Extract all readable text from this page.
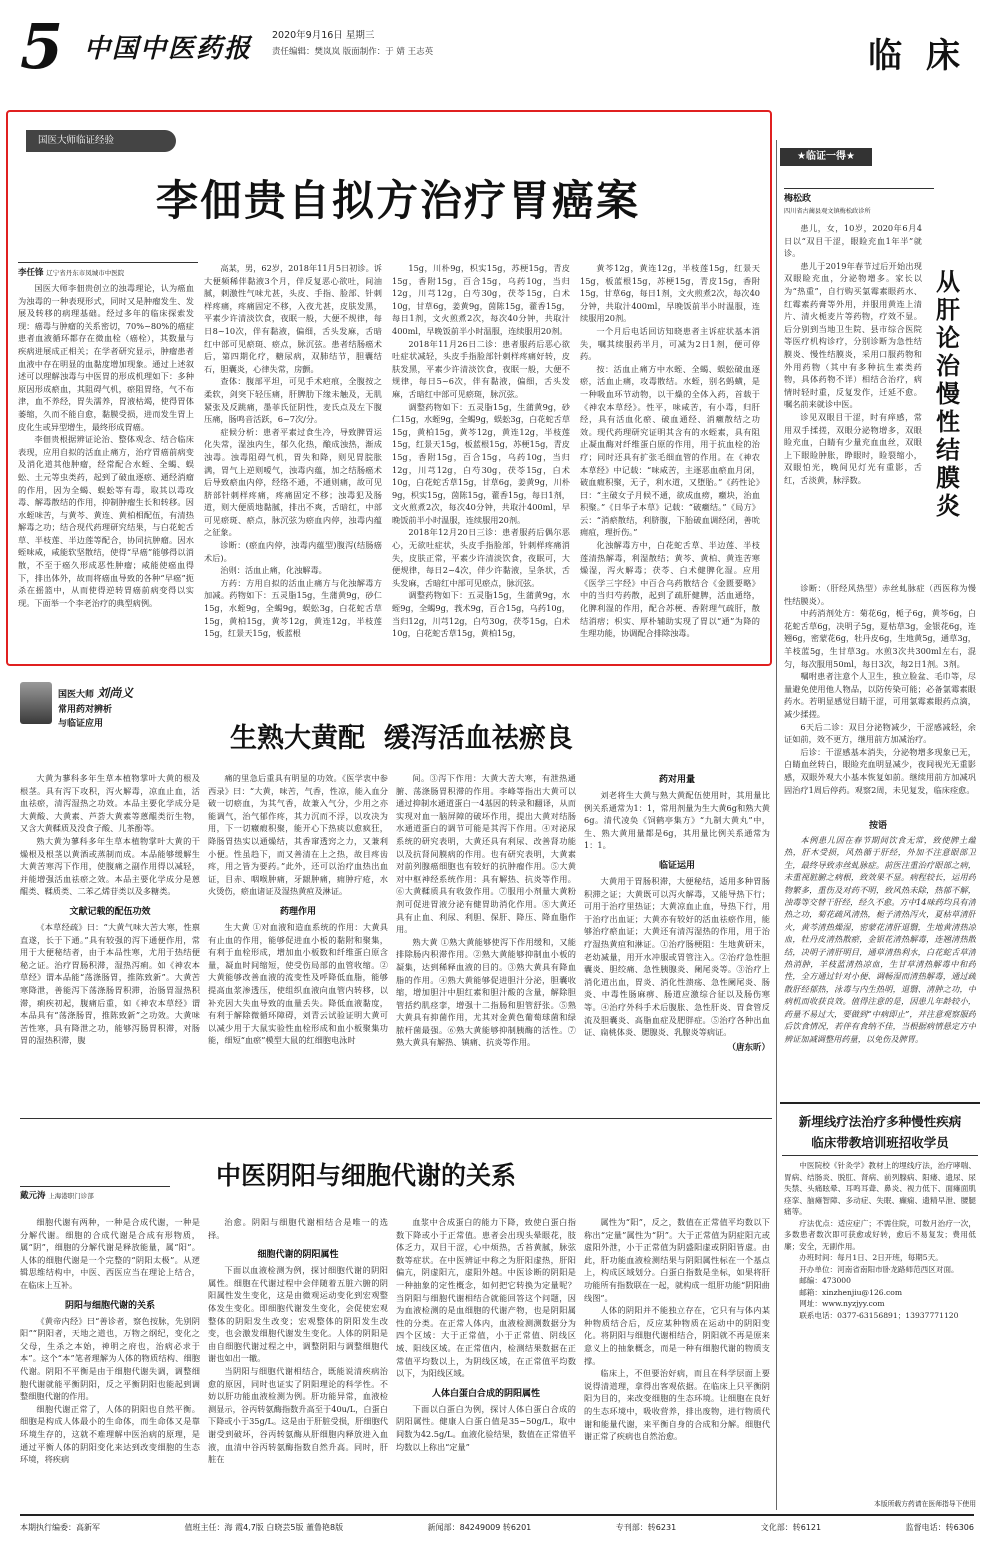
5 中国中医药报	2020年9月16日 星期三
责任编辑：樊岚岚 版面制作：于 婧 王志英	临 床
国医大师临证经验
李佃贵自拟方治疗胃癌案
李任锋 辽宁省丹东市凤城市中医院

国医大师李佃贵创立的浊毒理论，认为癌血为浊毒的一种表现形式，同时又是肿瘤发生、发展及转移的病理基础。经过多年的临床探索发现：癌毒与肿瘤的关系密切，70%~80%的癌症患者血液循环都存在微血栓（癌栓），其数量与疾病进展成正相关；在学者研究显示，肿瘤患者血液中存在明显的血黏度增加现象。通过上述叙述可以理解浊毒与中医胃的形成机理如下：多种原因形成瘀血，其阻碍气机，瘀阻胃络，气不布津，血不养经，胃失濡养，胃液枯竭，使得胃体萎缩，久而不能自愈，黏膜受损，进而发生胃上皮化生或异型增生，最终形成胃癌。

李佃贵根据辨证论治、整体观念、结合临床表现，应用自拟的活血止痛方，治疗胃癌前病变及消化道其他肿瘤，经常配合水蛭、全蝎、蜈蚣、土元等虫类药，起到了破血逐瘀、通经消瘤的作用，因为全蝎、蜈蚣等有毒，取其以毒攻毒、解毒散结的作用，抑制肿瘤生长和转移。因水蛭味苦，与黄芩、黄连、黄柏相配伍，有清热解毒之功；结合现代药理研究结果，与白花蛇舌草、半枝莲、半边莲等配合，协同抗肿瘤。因水蛭味咸，咸能软坚散结，使得“早癌”能够得以消散，不至于癌久形成恶性肿瘤；咸能使癌血得下，排出体外，故而将癌血导致的各种“早癌”扼杀在摇篮中，从而使得逆转胃癌前病变得以实现。下面举一个李老治疗的典型病例。

高某，男，62岁，2018年11月5日初诊。诉大便频稀伴黏液3个月，伴反复恶心欲吐，间油腻，刺激性气味尤甚，头皮、手指、脸部、针刺样疼痛，疼痛固定不移，入夜尤甚，皮肤发黑，平素少许清淡饮食，夜眠一般，大便不规律，每日8~10次，伴有黏液，偏细，舌头发麻，舌暗红中部可见瘀斑、瘀点，脉沉弦。患者结肠癌术后，第四期化疗，糖尿病，双肺结节，胆囊结石，胆囊炎，心律失常，房颤。

查体：腹部平坦，可见手术疤痕，全腹按之柔软，剑突下轻压痛，肝脾肋下缘未触及，无肌紧张及反跳痛，墨菲氏征阴性，麦氏点及左下腹压痛，肠鸣音活跃，6~7次/分。

症候分析：患者平素过食生冷，导致脾胃运化失常，湿浊内生，郁久化热，酿成浊热，渐成浊毒。浊毒阻碍气机，胃失和降，则见胃脘胀满，胃气上逆则嗳气，浊毒内蕴，加之结肠癌术后导致瘀血内停，经络不通，不通则痛，故可见脐部针刺样疼痛，疼痛固定不移；浊毒犯及肠道，则大便质地黏腻，排出不爽，舌暗红，中部可见瘀斑、瘀点，脉沉弦为瘀血内停，浊毒内蕴之征象。

诊断：(瘀血内停，浊毒内蕴型)腹泻(结肠癌术后)。

治则：活血止痛，化浊解毒。

方药：方用自拟的活血止痛方与化浊解毒方加减。药物如下：五灵脂15g，生蒲黄9g，砂仁15g，水蛭9g，全蝎9g，蜈蚣3g，白花蛇舌草15g，黄柏15g，黄芩12g，黄连12g，半枝莲15g，红景天15g，板蓝根

15g，川朴9g，枳实15g，苏梗15g，青皮15g，香附15g，百合15g，乌药10g，当归12g，川芎12g，白芍30g，茯苓15g，白术10g，甘草6g，姜黄9g，茵陈15g，藿香15g，每日1剂，文火煎煮2次，每次40分钟，共取汁400ml，早晚饭前半小时温服，连续服用20剂。

2018年11月26日二诊：患者服药后恶心欲吐症状减轻，头皮手指脸部针刺样疼痛好转，皮肤发黑，平素少许清淡饮食，夜眠一般，大便不规律，每日5~6次，伴有黏液，偏细，舌头发麻，舌暗红中部可见瘀斑，脉沉弦。

调整药物如下：五灵脂15g，生蒲黄9g，砂仁15g，水蛭9g，全蝎9g，蜈蚣3g，白花蛇舌草15g，黄柏15g，黄芩12g，黄连12g，半枝莲15g，红景天15g，板蓝根15g，苏梗15g，青皮15g，香附15g，百合15g，乌药10g，当归12g，川芎12g，白芍30g，茯苓15g，白术10g，白花蛇舌草15g，甘草6g，姜黄9g，川朴9g，枳实15g，茵陈15g，藿香15g，每日1剂，文火煎煮2次，每次40分钟，共取汁400ml，早晚饭前半小时温服，连续服用20剂。

2018年12月20日三诊：患者服药后偶尔恶心，无欲吐症状，头皮手指脸部，针刺样疼痛消失，皮肤正常，平素少许清淡饮食，夜眠可，大便规律，每日2~4次，伴少许黏液，呈条状，舌头发麻，舌暗红中部可见瘀点，脉沉弦。

调整药物如下：五灵脂15g，生蒲黄9g，水蛭9g，全蝎9g，莪术9g，百合15g，乌药10g，当归12g，川芎12g，白芍30g，茯苓15g，白术10g，白花蛇舌草15g，黄柏15g，

黄芩12g，黄连12g，半枝莲15g，红景天15g，板蓝根15g，苏梗15g，青皮15g，香附15g，甘草6g，每日1剂，文火煎煮2次，每次40分钟，共取汁400ml，早晚饭前半小时温服，连续服用20剂。

一个月后电话回访知晓患者主诉症状基本消失，嘱其续服药半月，可减为2日1剂，便可停药。

按：活血止痛方中水蛭、全蝎、蜈蚣破血逐瘀，活血止痛，攻毒散结。水蛭，别名蚂蟥，是一种吸血环节动物，以干燥的全体入药，首载于《神农本草经》。性平，味咸苦，有小毒，归肝经，具有活血化瘀、破血通经、消癥散结之功效。现代药理研究证明其含有的水蛭素，具有阻止凝血酶对纤维蛋白原的作用，用于抗血栓的治疗；同时还具有扩张毛细血管的作用。在《神农本草经》中记载：“味咸苦，主逐恶血瘀血月闭，破血瘕积聚，无子，利水道，又堕胎。”《药性论》曰：“主破女子月候不通，欲成血痨，癥块，治血积聚。”《日华子本草》记载：“破癥结。”《局方》云：“消瘀散结，利脐腹，下胎破血调经闭，善吮痈疽，理折伤。”

化浊解毒方中，白花蛇舌草、半边莲、半枝莲清热解毒，利湿散结；黄芩、黄柏、黄连苦寒燥湿，泻火解毒；茯苓、白术健脾化湿。应用《医学三字经》中百合乌药散结合《金匮要略》中的当归芍药散，起到了疏肝健脾，活血通络，化脾利湿的作用，配合苏梗、香附理气疏肝，散结消痞；枳实、厚朴辅助实现了胃以“通”为降的生理功能，协调配合排除浊毒。

★临证一得★
梅松政
四川省古蔺县观文镇梅松政诊所
从肝论治慢性结膜炎

患儿，女，10岁，2020年6月4日以“双目干涩，眼睑充血1年半”就诊。

患儿于2019年春节过后开始出现双眼睑充血，分泌物增多。家长以为“热重”，自行购买氯霉素眼药水、红霉素药膏等外用，并服用黄连上清片、清火栀麦片等药物，疗效不显。后分别到当地卫生院、县市综合医院等医疗机构诊疗，分别诊断为急性结膜炎、慢性结膜炎，采用口服药物和外用药物（其中有多种抗生素类药物，具体药物不详）相结合治疗，病情时轻时重，反复发作，迁延不愈。嘱名前来就诊中医。

诊见双眼目干涩，时有痒感，常用双手揉搓，双眼分泌物增多，双眼睑充血，白睛有少量充血血丝，双眼上下眼睑肿胀，睁眼时，睑裂缩小，双眼怕光，晚间见灯光有重影，舌红，舌淡黄，脉浮数。

诊断：（肝经风热型）赤丝虬脉症（西医称为慢性结膜炎）。

中药消剂处方：菊花6g，栀子6g，黄芩6g，白花蛇舌草6g，决明子5g，夏枯草3g，金银花6g，连翘6g，密蒙花6g，牡丹皮6g，生地黄5g，通草3g，羊枝蓝5g，生甘草3g。水煎3次共300ml左右，混匀，每次服用50ml，每日3次，每2日1剂。3剂。

嘱咐患者注意个人卫生，独立脸盆、毛巾等，尽量避免使用他人物品，以防传染可能；必备氯霉素眼药水。若明显感觉目睛干涩，可用氯霉素眼药点滴，减少揉搓。

6天后二诊：双目分泌物减少，干涩感减轻，余证如前，效不更方，继用前方加减治疗。

后诊：干涩感基本消失，分泌物增多现象已无，白睛血丝转白，眼睑充血明显减少，夜间视光无重影感，双眼外观大小基本恢复如前。继续用前方加减巩固治疗1周后停药。观察2周，未见复发，临床痊愈。

按语

本例患儿因在春节期间饮食无常，致使脾土蕴热，肝木受损，风热循于肝经，外加不注意眼部卫生，最终导致赤丝虬脉症。前医注重治疗眼部之病，未重视脏腑之病根，致效果不显。病程较长，运用药物繁多，重伤及对药不明，致风热未除，热郁不解，浊毒等交替干肝经，经久不愈。方中14味药均具有清热之功，菊花疏风清热，栀子清热泻火，夏枯草清肝火，黄芩清热燥湿，密蒙花清肝退翳，生地黄清热凉血，牡丹皮清热散瘀，金银花清热解毒，连翘清热散结，决明子清肝明目，通草清热利水，白花蛇舌草清热消肿，羊枝蓝清热凉血，生甘草清热解毒中和药性，全方通过针对小便、调畅湿而清热解毒，通过疏散肝经郁热，泳毒与内生热明，退翳、清肿之功，中病机而收获良效。值得注意的是，因患儿年龄较小，药量不易过大，要做到“中病即止”，并注意观察服药后饮食情况，若伴有食纳不佳，当根据病情悬定方中辨证加减调整用药量，以免伤及脾胃。

新埋线疗法治疗多种慢性疾病
临床带教培训班招收学员

中医院校《针灸学》教材上的埋线疗法，治疗哮喘、胃病、结肠炎、脱肛、肾病、前列腺病、阳痿、遗尿、尿失禁、头痛眩晕、耳鸣耳聋、鼻炎、视力低下、面瘫面肌痉挛、脑瘫智障、多动症、失眠、癫痫、遗精早泄、腰腿痛等。

疗法优点：适应症广；不需住院，可数月治疗一次，多数患者数次即可获愈或好转，愈后不易复发；费用低廉；安全，无副作用。

办班时间：每月1日、2日开班，每期5天。

开办单位：河南省南阳市卧龙路师范西区对面。

邮编：473000

邮箱：xinzhenjiu@126.com

网址：www.nyzjyy.com

联系电话：0377-63156891；13937771120

本版所载方药请在医师指导下使用
国医大师 刘尚义
常用药对辨析
与临证应用	生熟大黄配  缓泻活血祛瘀良

大黄为蓼科多年生草本植物掌叶大黄的根及根茎。具有泻下攻积，泻火解毒，凉血止血，活血祛瘀，清泻湿热之功效。本品主要化学成分是大黄酸、大黄素、芦荟大黄素等蒽醌类衍生物，又含大黄鞣质及没食子酸、儿茶酚等。

熟大黄为蓼科多年生草本植物掌叶大黄的干燥根及根茎以黄酒或蒸制而成。本品能够缓解生大黄苦寒泻下作用，使腹痛之副作用得以减轻，并能增强活血祛瘀之效。本品主要化学成分是蒽醌类、鞣质类、二苯乙烯苷类以及多糖类。

文献记载的配伍功效

《本草经疏》曰：“大黄气味大苦大寒，性禀直遂，长于下通。”具有较强的泻下通便作用，常用于大便秘结者，由于本品性寒，尤用于热结便秘之证。治疗胃肠积滞，湿热泻痢。如《神农本草经》谓本品能“荡涤肠胃，推陈致新”。大黄苦寒降泄，善能泻下荡涤肠胃积滞，治肠胃湿热积滞，痢疾初起，腹痛后重，如《神农本草经》谓本品具有“荡涤肠胃，推陈致新”之功效。大黄味苦性寒，具有降泄之功，能够泻肠胃积滞，对肠胃的湿热积滞，腹

痛的里急后重具有明显的功效。《医学衷中参西录》曰：“大黄，味苦，气香，性凉，能入血分破一切瘀血，为其气香，故兼入气分，少用之亦能调气，治气郁作疼，其力沉而不浮，以攻决为用，下一切癥瘕积聚，能开心下热痰以愈疯狂，降肠胃热实以通燥结，其香窜透窍之力，又兼利小便。性虽趋下，而又善清在上之热，故目疼齿疼，用之皆为要药。”此外，还可以治疗血热出血证，目赤、咽喉肿痛，牙龈肿痛，痈肿疔疮，水火烫伤，瘀血诸证及湿热黄疸及淋证。

药理作用

生大黄 ①对血液和造血系统的作用：大黄具有止血的作用，能够促进血小板的黏附和聚集，有利于血栓形成，增加血小板数和纤维蛋白原含量，凝血时间缩短，使受伤局部的血管收缩。②大黄能够改善血液的流变性及呼降低血脂，能够提高血浆渗透压，使组织血液向血管内转移，以补充因大失血导致的血量丢失。降低血液黏度，有利于解除微循环障碍，刘青云试验证明大黄可以减少用于大鼠实验性血栓形成和血小板聚集功能，细短“血瘀”模型大鼠的红细胞电泳时

间。③泻下作用：大黄大苦大寒，有泄热通腑、荡涤肠胃积滞的作用。李峰等指出大黄可以通过抑制水通道蛋白一4基因的转录和翻译，从而实现对血一脑屏障的破坏作用，提出大黄对结肠水通道蛋白的调节可能是其泻下作用。④对泌尿系统的研究表明，大黄还具有利尿、改善肾功能以及抗肾间膜病的作用。也有研究表明，大黄素对前列腺癌细胞也有较好的抗肿瘤作用。⑤大黄对中枢神经系统作用：具有解热、抗炎等作用。⑥大黄鞣质具有收敛作用。⑦服用小剂量大黄粉剂可促进胃液分泌有健胃助消化作用。⑧大黄还具有止血、利尿、利胆、保肝、降压、降血脂作用。

熟大黄 ①熟大黄能够使泻下作用缓和，又能排除肠内积滞作用。②熟大黄能够抑制血小板的凝集，达到稀释血液的目的。③熟大黄具有降血脂的作用。④熟大黄能够促进胆汁分泌，胆囊收缩，增加胆汁中胆红素和胆汁酸的含量，解除胆管括约肌痉挛，增强十二指肠和胆管舒张。⑤熟大黄具有抑菌作用，尤其对金黄色葡萄球菌和绿脓杆菌最强。⑥熟大黄能够抑制胰酶的活性。⑦熟大黄具有解热、镇痛、抗炎等作用。

药对用量

刘老将生大黄与熟大黄配伍使用时，其用量比例关系通常为1：1，常用剂量为生大黄6g和熟大黄6g。清代凌奂《饲鹤亭集方》“九制大黄丸”中，生、熟大黄用量都是6g，其用量比例关系通常为1：1。

临证运用

大黄用于胃肠积滞，大便秘结，适用多种胃肠积滞之证；大黄既可以泻火解毒，又能导热下行；可用于治疗里热证；大黄凉血止血，导热下行，用于治疗出血证；大黄亦有较好的活血祛瘀作用，能够治疗瘀血证；大黄还有清泻湿热的作用，用于治疗湿热黄疸和淋证。①治疗肠梗阻：生地黄研末，老幼减量，用开水冲服或胃管注入。②治疗急性胆囊炎、胆绞痛、急性胰腺炎、阑尾炎等。③治疗上消化道出血，胃炎、消化性溃疡、急性阑尾炎、肠炎、中毒性肠麻痹、肠道应激综合征以及肠伤寒等。④治疗外科手术后腹胀、急性肝炎、胃食管反流及胆囊炎、高脂血症及肥胖症。⑤治疗各种出血证、扁桃体炎、腮腺炎、乳腺炎等病证。

（唐东昕）
中医阴阳与细胞代谢的关系
戴元涛 上海港职门诊部

细胞代谢有两种，一种是合成代谢，一种是分解代谢。细胞的合成代谢是合成有形物质，属“阴”，细胞的分解代谢是释放能量，属“阳”。人体的细胞代谢是一个完整的“阴阳太极”。从逻辑思维结构中，中医、西医应当在理论上结合，在临床上互补。

阴阳与细胞代谢的关系

《黄帝内经》曰“善诊者，察色按脉，先别阴阳”“阴阳者，天地之道也，万物之纲纪，变化之父母，生杀之本始，神明之府也，治病必求于本”。这个“本”笔者理解为人体的物质结构、细胞代谢。阴阳不平衡是由于细胞代谢失调，调整细胞代谢就能平衡阴阳，反之平衡阴阳也能起到调整细胞代谢的作用。

细胞代谢正常了，人体的阴阳也自然平衡。细胞是构成人体最小的生命体，而生命体又是靠环境生存的，这就不难理解中医治病的原理，是通过平衡人体的阴阳变化来达到改变细胞的生态环境，将疾病

治愈。阴阳与细胞代谢相结合是唯一的选择。

细胞代谢的阴阳属性

下面以血液检测为例，探讨细胞代谢的阴阳属性。细胞在代谢过程中会伴随着五脏六腑的阴阳属性发生变化，这是由微观运动变化到宏观整体发生变化。即细胞代谢发生变化，会促使宏观整体的阴阳发生改变；宏观整体的阴阳发生改变，也会激发细胞代谢发生变化。人体的阴阳是由自细胞代谢过程之中，调整阴阳与调整细胞代谢也如出一辙。

当阴阳与细胞代谢相结合，既能说清疾病治愈的原因，同时也证实了阴阳理论的科学性。不妨以肝功能血液检测为例。肝功能异常，血液检测显示，谷丙转氨酶指数升高至于40u/L，白蛋白下降或小于35g/L。这是由于肝脏受损，肝细胞代谢受到破坏，谷丙转氨酶从肝细胞内释放进入血液，血清中谷丙转氨酶指数自然升高。同时，肝脏在

血浆中合成蛋白的能力下降，致使白蛋白指数下降或小于正常值。患者会出现头晕眼花，肢体乏力，双目干涩，心中烦热，舌苔黄腻，脉弦数等症状。在中医辨证中称之为肝阳虚热，肝阳偏亢，阴虚阳亢，虚阳外越。中医诊断的阴阳是一种抽象的定性概念，如何把它转换为定量呢？当阴阳与细胞代谢相结合就能回答这个问题，因为血液检测的是血细胞的代谢产物，也是阴阳属性的分类。在正常人体内，血液检测测数据分为四个区域：大于正常值，小于正常值、阴线区域、阳线区域。在正常值内，检测结果数据在正常值平均数以上，为阴线区域，在正常值平均数以下，为阳线区域。

人体白蛋白合成的阴阳属性

下面以白蛋白为例，探讨人体白蛋白合成的阴阳属性。健康人白蛋白值是35~50g/L，取中间数为42.5g/L。血液化验结果，数值在正常值平均数以上称出“定量”

属性为“阳”，反之，数值在正常值平均数以下称出“定量”属性为“阴”。大于正常值为阴症阳亢或虚阳外泄，小于正常值为阴盛阳虚或阴阳皆虚。由此，肝功能血液检测结果与阴阳属性标在一个基点上，构成区域划分。白蛋白指数是坐标，如果将肝功能所有指数联在一起，就构成一组肝功能“阴阳曲线图”。

人体的阴阳并不能独立存在，它只有与体内某种物质结合后，反应某种物质在运动中的阴阳变化。将阴阳与细胞代谢相结合，阴阳就不再是原来意义上的抽象概念，而是一种有细胞代谢的物质支撑。

临床上，不但要治好病，而且在科学层面上要说得清道理，拿得出客观依据。在临床上只平衡阴阳为目的，来改变细胞的生态环境。让细胞在良好的生态环境中，吸收营养，排出废物，进行物质代谢和能量代谢，来平衡自身的合成和分解。细胞代谢正常了疾病也自然治愈。

本期执行编委：高新军	值班主任：海 霞4,7版 白晓芸5版 董鲁艳8版	新闻部：84249009 转6201	专刊部：转6231	文化部：转6121	监督电话：转6306
